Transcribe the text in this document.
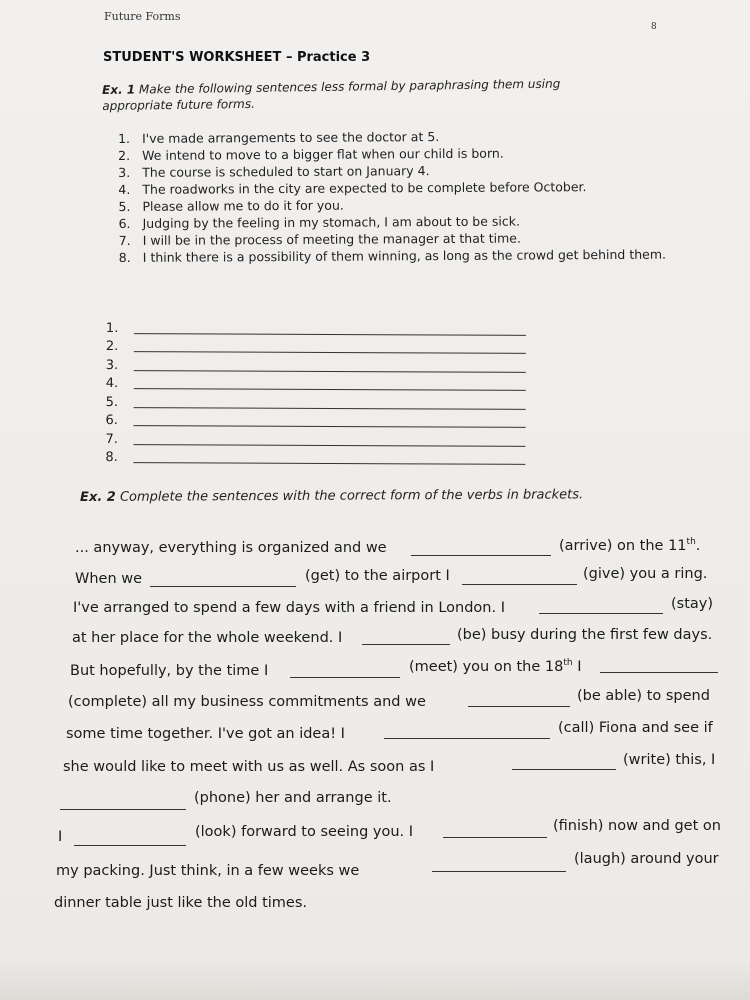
Future Forms
8
STUDENT'S WORKSHEET – Practice 3
Ex. 1 Make the following sentences less formal by paraphrasing them using appropriate future forms.
1. I've made arrangements to see the doctor at 5.
2. We intend to move to a bigger flat when our child is born.
3. The course is scheduled to start on January 4.
4. The roadworks in the city are expected to be complete before October.
5. Please allow me to do it for you.
6. Judging by the feeling in my stomach, I am about to be sick.
7. I will be in the process of meeting the manager at that time.
8. I think there is a possibility of them winning, as long as the crowd get behind them.
1.
2.
3.
4.
5.
6.
7.
8.
Ex. 2 Complete the sentences with the correct form of the verbs in brackets.
... anyway, everything is organized and we	(arrive) on the 11th.
When we	(get) to the airport I	(give) you a ring.
I've arranged to spend a few days with a friend in London. I	(stay)
at her place for the whole weekend. I	(be) busy during the first few days.
But hopefully, by the time I	(meet) you on the 18th I
(complete) all my business commitments and we	(be able) to spend
some time together. I've got an idea! I	(call) Fiona and see if
she would like to meet with us as well. As soon as I	(write) this, I
(phone) her and arrange it.
I	(look) forward to seeing you. I	(finish) now and get on
my packing. Just think, in a few weeks we
(laugh) around your
dinner table just like the old times.
